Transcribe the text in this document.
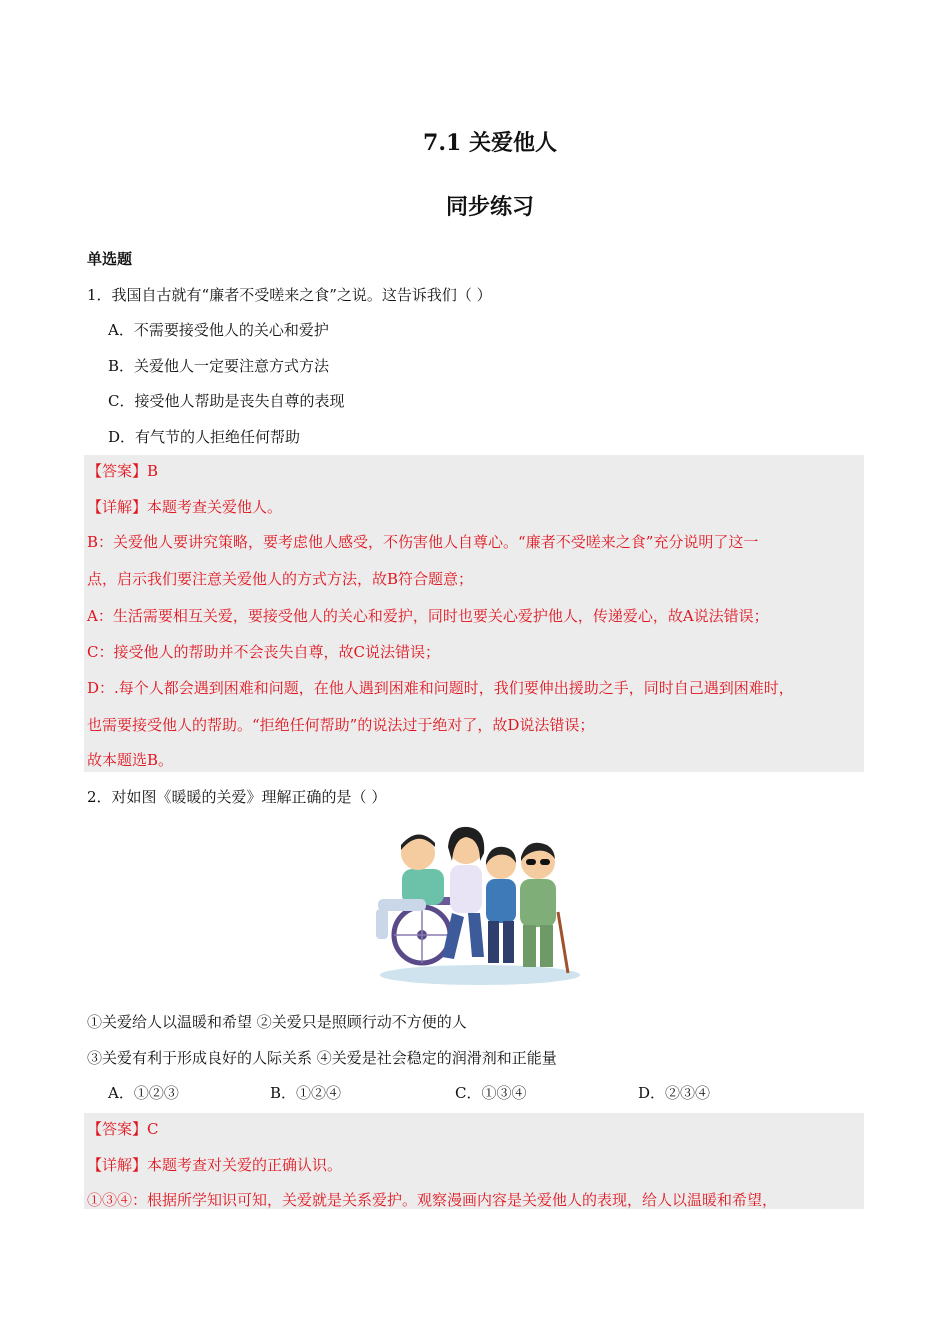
7.1 关爱他人
同步练习
单选题
1．我国自古就有“廉者不受嗟来之食”之说。这告诉我们（ ）
A．不需要接受他人的关心和爱护
B．关爱他人一定要注意方式方法
C．接受他人帮助是丧失自尊的表现
D．有气节的人拒绝任何帮助
【答案】B
【详解】本题考查关爱他人。
B：关爱他人要讲究策略，要考虑他人感受，不伤害他人自尊心。“廉者不受嗟来之食”充分说明了这一
点，启示我们要注意关爱他人的方式方法，故B符合题意；
A：生活需要相互关爱，要接受他人的关心和爱护，同时也要关心爱护他人，传递爱心，故A说法错误；
C：接受他人的帮助并不会丧失自尊，故C说法错误；
D：.每个人都会遇到困难和问题，在他人遇到困难和问题时，我们要伸出援助之手，同时自己遇到困难时，
也需要接受他人的帮助。“拒绝任何帮助”的说法过于绝对了，故D说法错误；
故本题选B。
2．对如图《暖暖的关爱》理解正确的是（ ）
①关爱给人以温暖和希望 ②关爱只是照顾行动不方便的人
③关爱有利于形成良好的人际关系 ④关爱是社会稳定的润滑剂和正能量
A．①②③	B．①②④	C．①③④	D．②③④
【答案】C
【详解】本题考查对关爱的正确认识。
①③④：根据所学知识可知，关爱就是关系爱护。观察漫画内容是关爱他人的表现，给人以温暖和希望，
